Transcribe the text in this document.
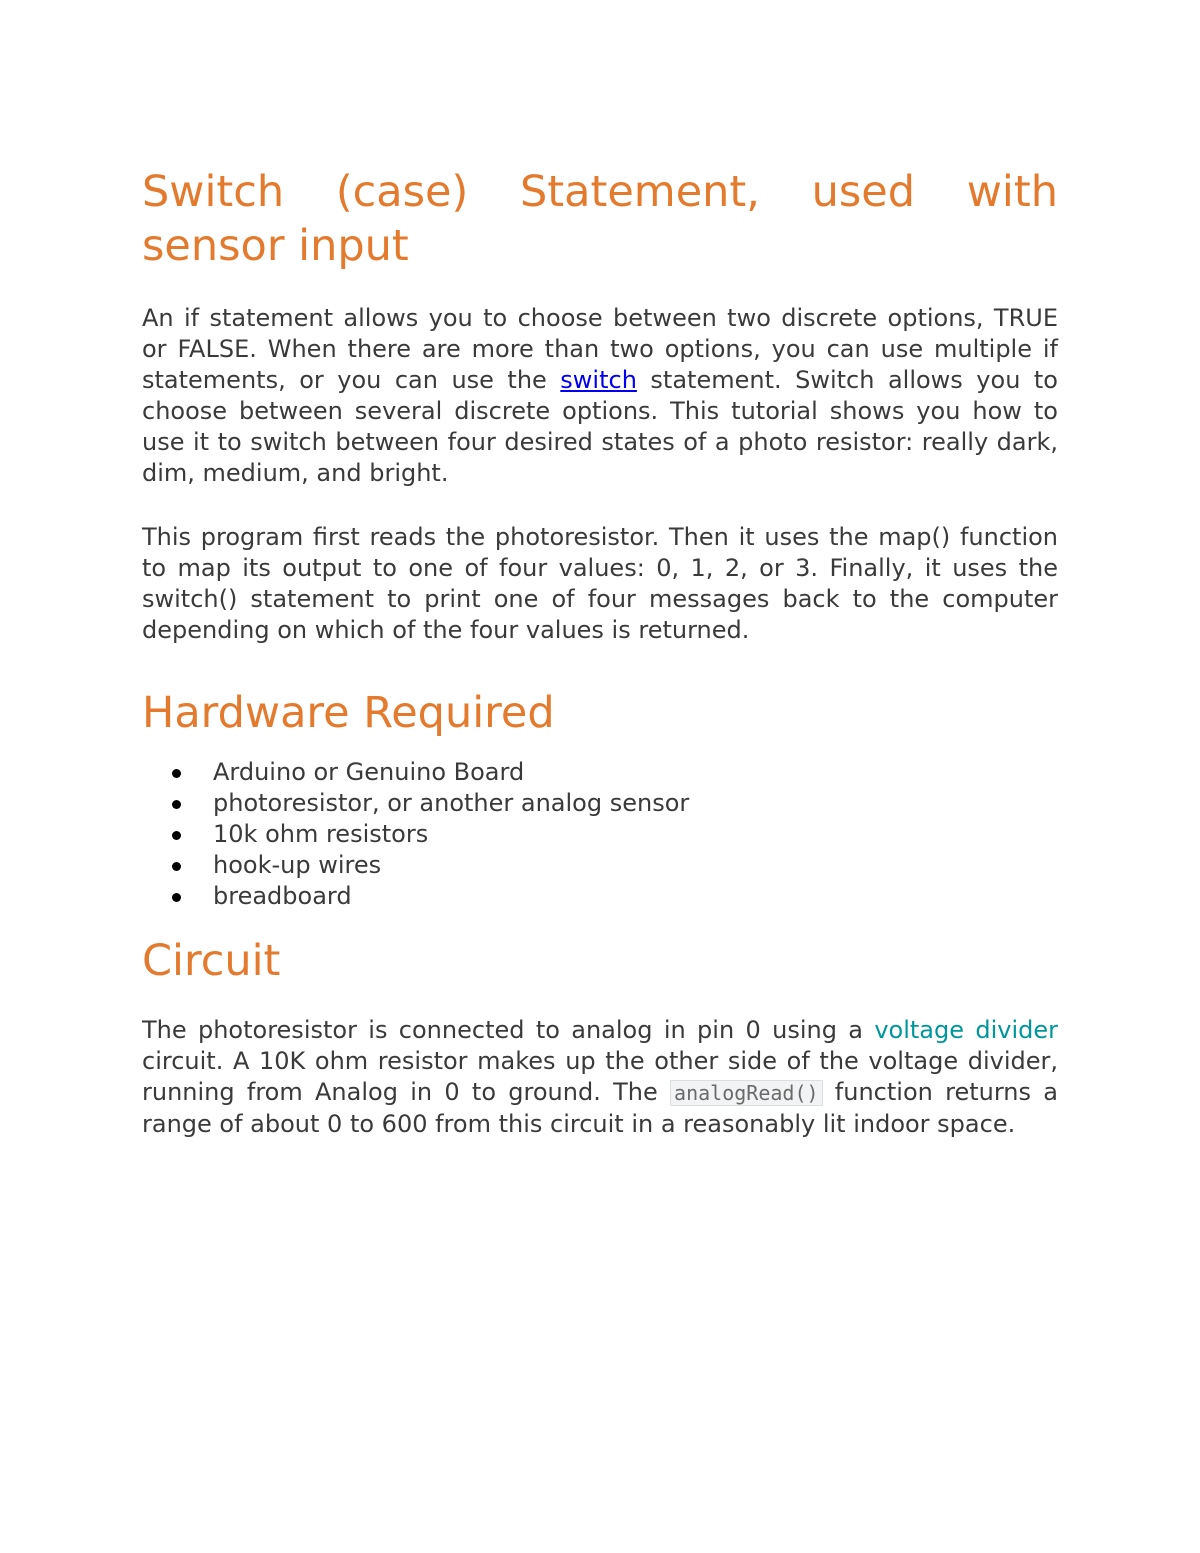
Switch (case) Statement, used with sensor input

An if statement allows you to choose between two discrete options, TRUE or FALSE. When there are more than two options, you can use multiple if statements, or you can use the switch statement. Switch allows you to choose between several discrete options. This tutorial shows you how to use it to switch between four desired states of a photo resistor: really dark, dim, medium, and bright.

This program first reads the photoresistor. Then it uses the map() function to map its output to one of four values: 0, 1, 2, or 3. Finally, it uses the switch() statement to print one of four messages back to the computer depending on which of the four values is returned.

Hardware Required
Arduino or Genuino Board
photoresistor, or another analog sensor
10k ohm resistors
hook-up wires
breadboard
Circuit

The photoresistor is connected to analog in pin 0 using a voltage divider circuit. A 10K ohm resistor makes up the other side of the voltage divider, running from Analog in 0 to ground. The analogRead() function returns a range of about 0 to 600 from this circuit in a reasonably lit indoor space.
